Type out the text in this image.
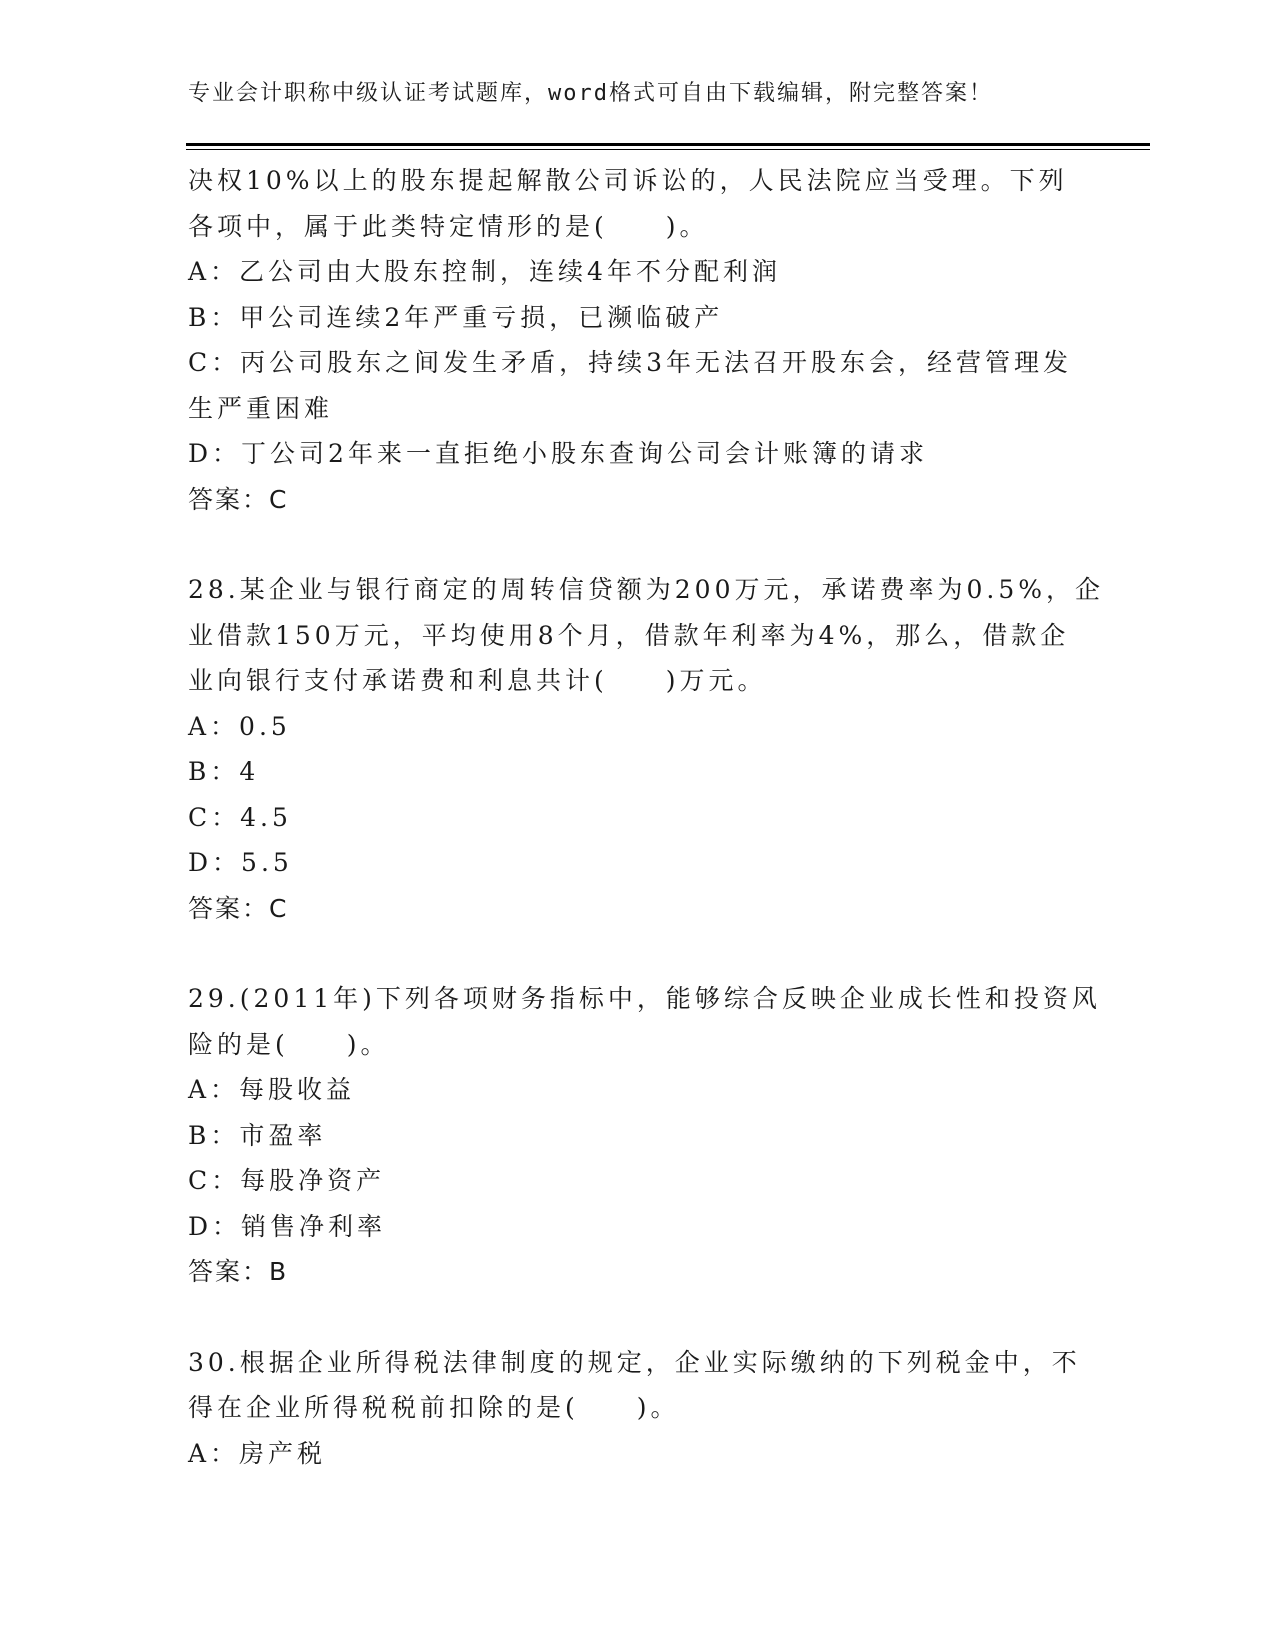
专业会计职称中级认证考试题库，word格式可自由下载编辑，附完整答案！
决权10%以上的股东提起解散公司诉讼的，人民法院应当受理。下列
各项中，属于此类特定情形的是(　　)。
A：乙公司由大股东控制，连续4年不分配利润
B：甲公司连续2年严重亏损，已濒临破产
C：丙公司股东之间发生矛盾，持续3年无法召开股东会，经营管理发
生严重困难
D：丁公司2年来一直拒绝小股东查询公司会计账簿的请求
答案：C
28.某企业与银行商定的周转信贷额为200万元，承诺费率为0.5%，企
业借款150万元，平均使用8个月，借款年利率为4%，那么，借款企
业向银行支付承诺费和利息共计(　　)万元。
A：0.5
B：4
C：4.5
D：5.5
答案：C
29.(2011年)下列各项财务指标中，能够综合反映企业成长性和投资风
险的是(　　)。
A：每股收益
B：市盈率
C：每股净资产
D：销售净利率
答案：B
30.根据企业所得税法律制度的规定，企业实际缴纳的下列税金中，不
得在企业所得税税前扣除的是(　　)。
A：房产税
